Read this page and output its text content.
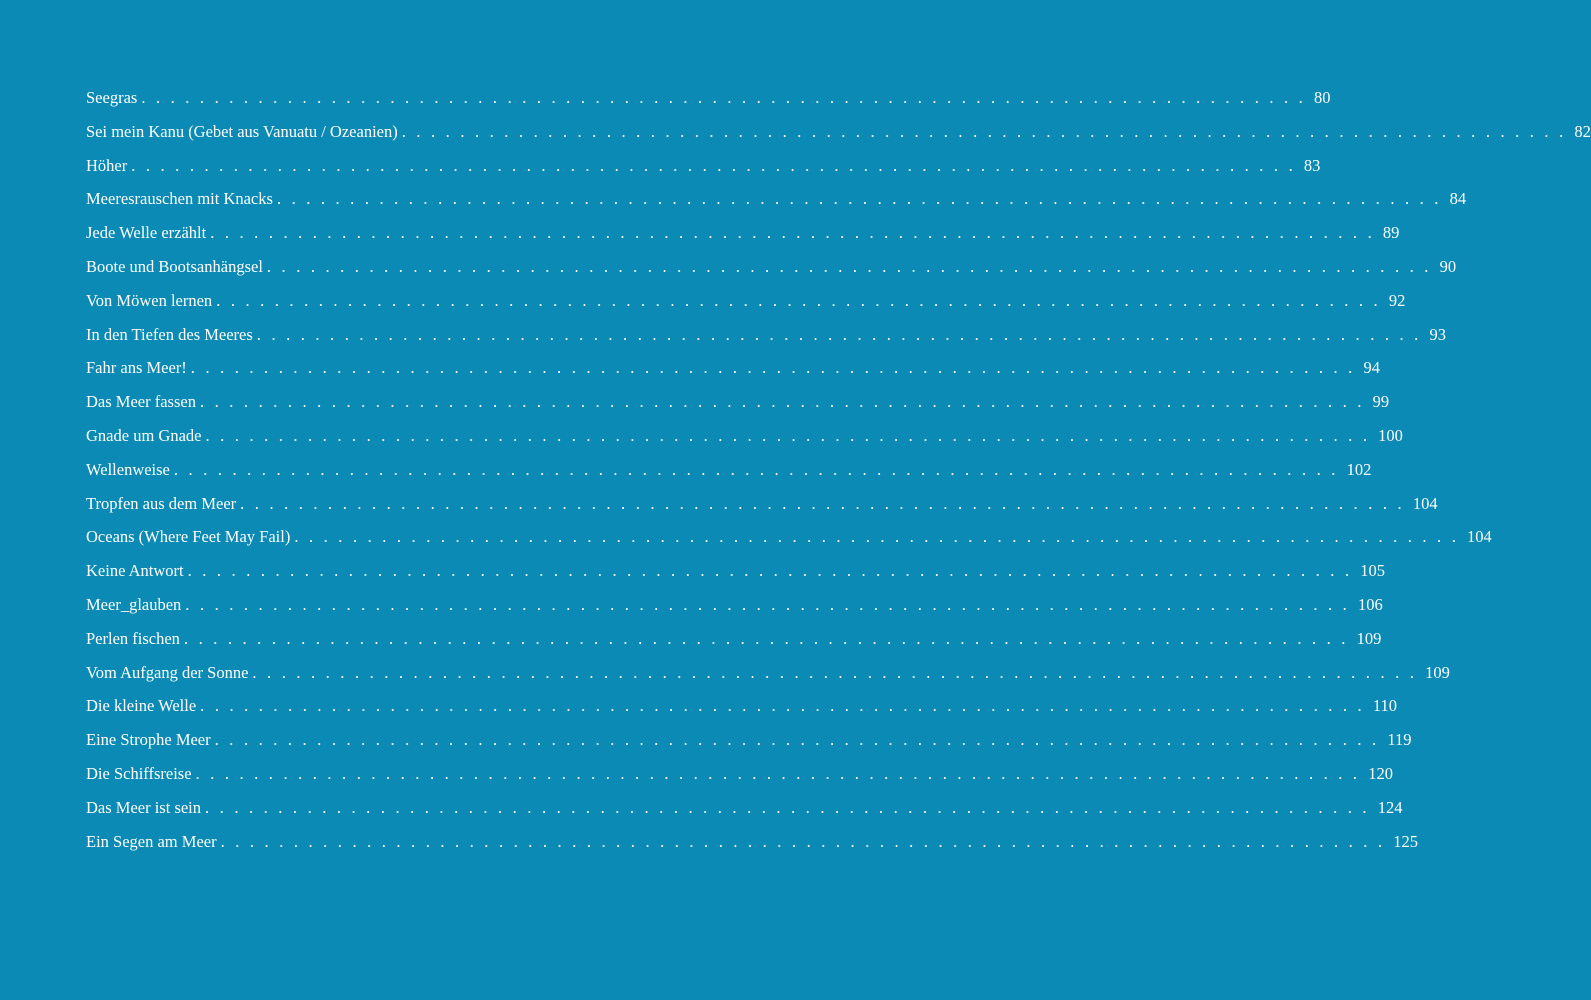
Seegras . . . . . . . . . . . . . . . . . . . . . . . . . . . . . . . . . . . . . . . . . . . . . . . . . . . . . . . . . . . . . . . . . . . . . . . . . . . . . . . . 80
Sei mein Kanu (Gebet aus Vanuatu / Ozeanien) . . . . . . . . . . . . . . . . . . . . . . . . . . . . . . . . . . . . . . . . . . . . . . . . . . . . . . . . . . . . . . . . . . . . . . . . . . . . . . . . 82
Höher . . . . . . . . . . . . . . . . . . . . . . . . . . . . . . . . . . . . . . . . . . . . . . . . . . . . . . . . . . . . . . . . . . . . . . . . . . . . . . . . 83
Meeresrauschen mit Knacks . . . . . . . . . . . . . . . . . . . . . . . . . . . . . . . . . . . . . . . . . . . . . . . . . . . . . . . . . . . . . . . . . . . . . . . . . . . . . . . . 84
Jede Welle erzählt . . . . . . . . . . . . . . . . . . . . . . . . . . . . . . . . . . . . . . . . . . . . . . . . . . . . . . . . . . . . . . . . . . . . . . . . . . . . . . . . 89
Boote und Bootsanhängsel . . . . . . . . . . . . . . . . . . . . . . . . . . . . . . . . . . . . . . . . . . . . . . . . . . . . . . . . . . . . . . . . . . . . . . . . . . . . . . . . 90
Von Möwen lernen . . . . . . . . . . . . . . . . . . . . . . . . . . . . . . . . . . . . . . . . . . . . . . . . . . . . . . . . . . . . . . . . . . . . . . . . . . . . . . . . 92
In den Tiefen des Meeres . . . . . . . . . . . . . . . . . . . . . . . . . . . . . . . . . . . . . . . . . . . . . . . . . . . . . . . . . . . . . . . . . . . . . . . . . . . . . . . . 93
Fahr ans Meer! . . . . . . . . . . . . . . . . . . . . . . . . . . . . . . . . . . . . . . . . . . . . . . . . . . . . . . . . . . . . . . . . . . . . . . . . . . . . . . . . 94
Das Meer fassen . . . . . . . . . . . . . . . . . . . . . . . . . . . . . . . . . . . . . . . . . . . . . . . . . . . . . . . . . . . . . . . . . . . . . . . . . . . . . . . . 99
Gnade um Gnade . . . . . . . . . . . . . . . . . . . . . . . . . . . . . . . . . . . . . . . . . . . . . . . . . . . . . . . . . . . . . . . . . . . . . . . . . . . . . . . . 100
Wellenweise . . . . . . . . . . . . . . . . . . . . . . . . . . . . . . . . . . . . . . . . . . . . . . . . . . . . . . . . . . . . . . . . . . . . . . . . . . . . . . . . 102
Tropfen aus dem Meer . . . . . . . . . . . . . . . . . . . . . . . . . . . . . . . . . . . . . . . . . . . . . . . . . . . . . . . . . . . . . . . . . . . . . . . . . . . . . . . . 104
Oceans (Where Feet May Fail) . . . . . . . . . . . . . . . . . . . . . . . . . . . . . . . . . . . . . . . . . . . . . . . . . . . . . . . . . . . . . . . . . . . . . . . . . . . . . . . . 104
Keine Antwort . . . . . . . . . . . . . . . . . . . . . . . . . . . . . . . . . . . . . . . . . . . . . . . . . . . . . . . . . . . . . . . . . . . . . . . . . . . . . . . . 105
Meer_glauben . . . . . . . . . . . . . . . . . . . . . . . . . . . . . . . . . . . . . . . . . . . . . . . . . . . . . . . . . . . . . . . . . . . . . . . . . . . . . . . . 106
Perlen fischen . . . . . . . . . . . . . . . . . . . . . . . . . . . . . . . . . . . . . . . . . . . . . . . . . . . . . . . . . . . . . . . . . . . . . . . . . . . . . . . . 109
Vom Aufgang der Sonne . . . . . . . . . . . . . . . . . . . . . . . . . . . . . . . . . . . . . . . . . . . . . . . . . . . . . . . . . . . . . . . . . . . . . . . . . . . . . . . . 109
Die kleine Welle . . . . . . . . . . . . . . . . . . . . . . . . . . . . . . . . . . . . . . . . . . . . . . . . . . . . . . . . . . . . . . . . . . . . . . . . . . . . . . . . 110
Eine Strophe Meer . . . . . . . . . . . . . . . . . . . . . . . . . . . . . . . . . . . . . . . . . . . . . . . . . . . . . . . . . . . . . . . . . . . . . . . . . . . . . . . . 119
Die Schiffsreise . . . . . . . . . . . . . . . . . . . . . . . . . . . . . . . . . . . . . . . . . . . . . . . . . . . . . . . . . . . . . . . . . . . . . . . . . . . . . . . . 120
Das Meer ist sein . . . . . . . . . . . . . . . . . . . . . . . . . . . . . . . . . . . . . . . . . . . . . . . . . . . . . . . . . . . . . . . . . . . . . . . . . . . . . . . . 124
Ein Segen am Meer . . . . . . . . . . . . . . . . . . . . . . . . . . . . . . . . . . . . . . . . . . . . . . . . . . . . . . . . . . . . . . . . . . . . . . . . . . . . . . . . 125
